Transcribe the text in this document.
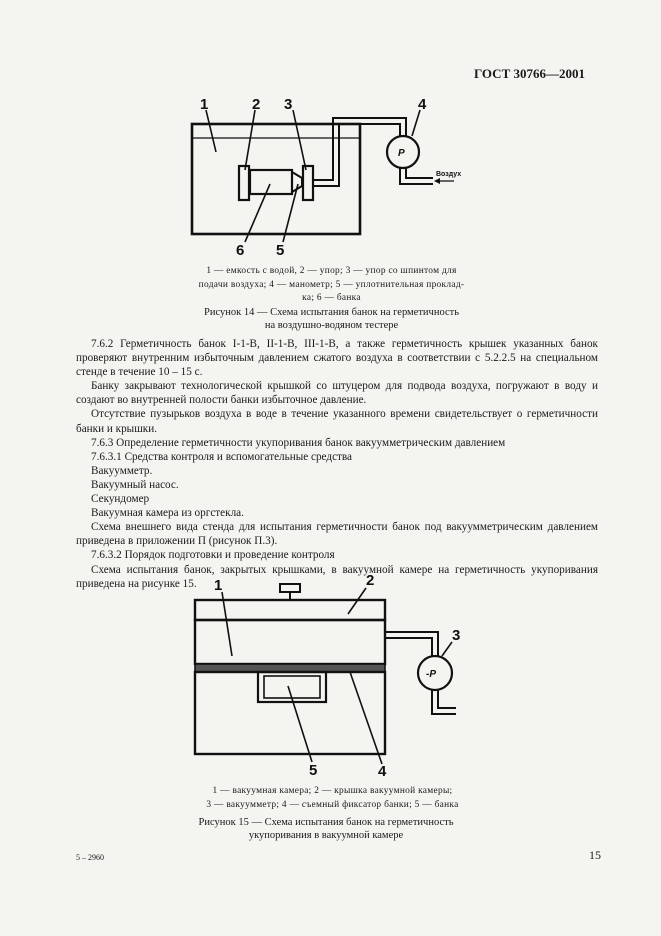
ГОСТ 30766—2001
P
Воздух
1	2 3	4
6 5
1 — емкость с водой, 2 — упор; 3 — упор со шпинтом для
подачи воздуха; 4 — манометр; 5 — уплотнительная проклад-
ка; 6 — банка
Рисунок 14 — Схема испытания банок на герметичность
на воздушно-водяном тестере

7.6.2 Герметичность банок I-1-В, II-1-В, III-1-В, а также герметичность крышек указанных банок проверяют внутренним избыточным давлением сжатого воздуха в соответствии с 5.2.2.5 на специальном стенде в течение 10 – 15 с.

Банку закрывают технологической крышкой со штуцером для подвода воздуха, погружают в воду и создают во внутренней полости банки избыточное давление.

Отсутствие пузырьков воздуха в воде в течение указанного времени свидетельствует о герметичности банки и крышки.

7.6.3 Определение герметичности укупоривания банок вакуумметрическим давлением

7.6.3.1 Средства контроля и вспомогательные средства

Вакуумметр.

Вакуумный насос.

Секундомер

Вакуумная камера из оргстекла.

Схема внешнего вида стенда для испытания герметичности банок под вакуумметрическим давлением приведена в приложении П (рисунок П.3).

7.6.3.2 Порядок подготовки и проведение контроля

Схема испытания банок, закрытых крышками, в вакуумной камере на герметичность укупоривания приведена на рисунке 15.

-P
1	2
3
5	4
1 — вакуумная камера; 2 — крышка вакуумной камеры;
3 — вакуумметр; 4 — съемный фиксатор банки; 5 — банка
Рисунок 15 — Схема испытания банок на герметичность
укупоривания в вакуумной камере
5 – 2960	15
